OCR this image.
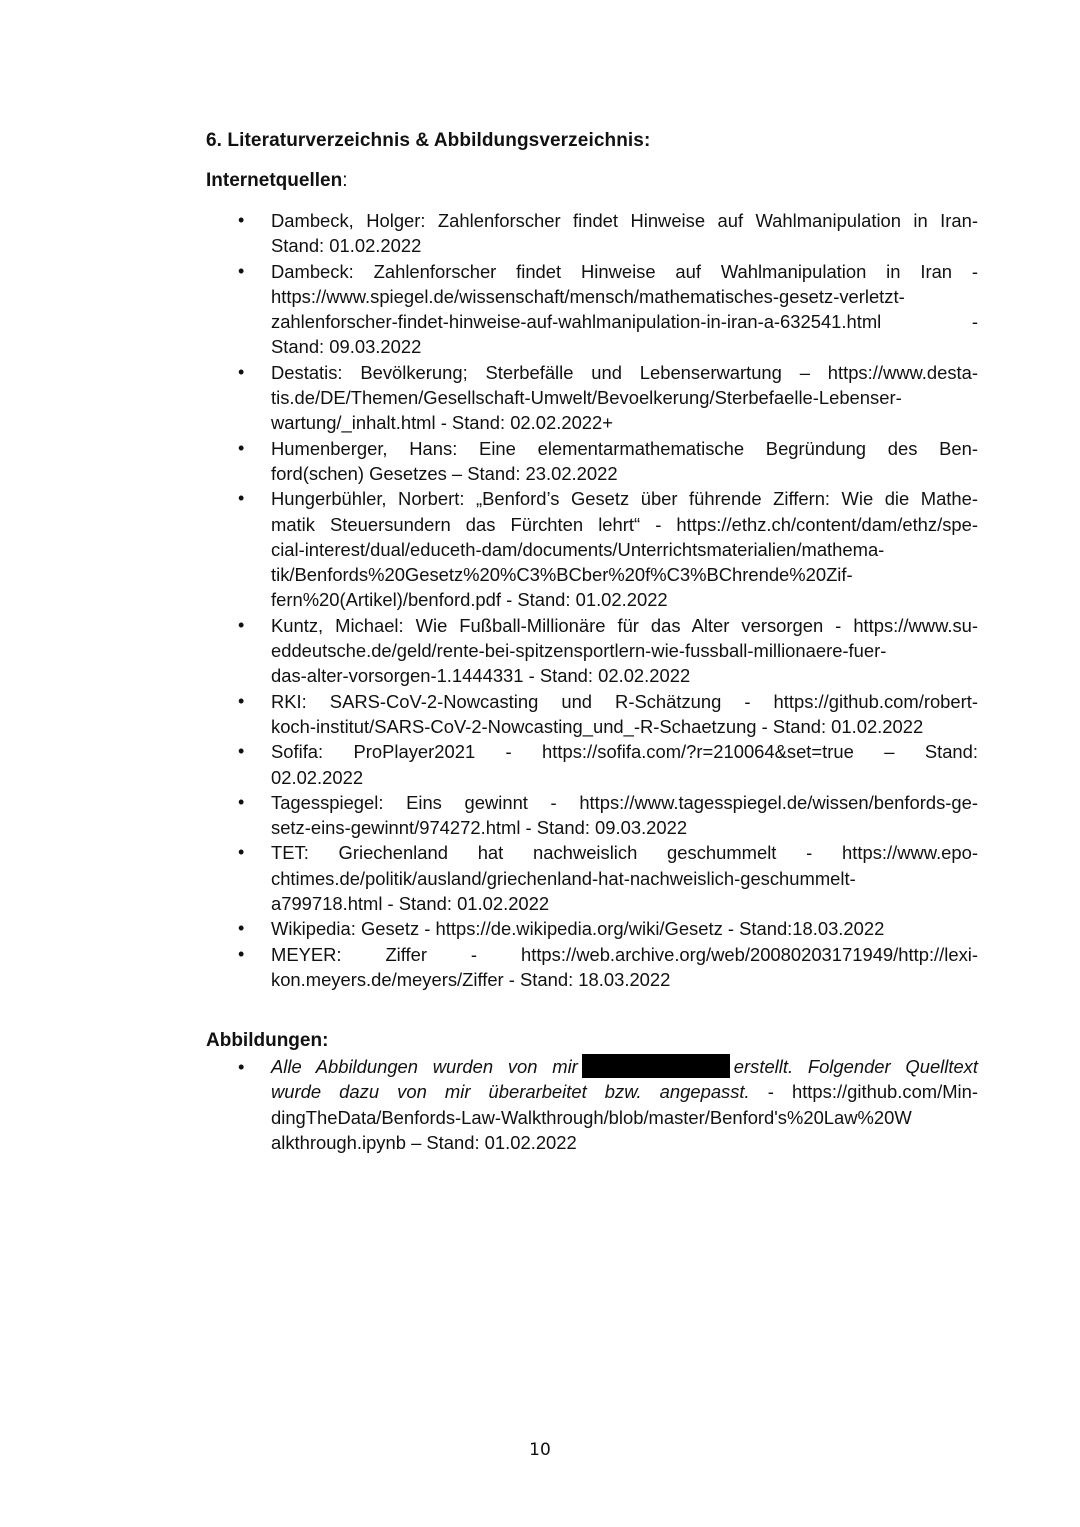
6. Literaturverzeichnis & Abbildungsverzeichnis:
Internetquellen:
• Dambeck, Holger: Zahlenforscher findet Hinweise auf Wahlmanipulation in Iran-
Stand: 01.02.2022
• Dambeck: Zahlenforscher findet Hinweise auf Wahlmanipulation in Iran -
https://www.spiegel.de/wissenschaft/mensch/mathematisches-gesetz-verletzt-
zahlenforscher-findet-hinweise-auf-wahlmanipulation-in-iran-a-632541.html -
Stand: 09.03.2022
• Destatis: Bevölkerung; Sterbefälle und Lebenserwartung – https://www.desta-
tis.de/DE/Themen/Gesellschaft-Umwelt/Bevoelkerung/Sterbefaelle-Lebenser-
wartung/_inhalt.html - Stand: 02.02.2022+
• Humenberger, Hans: Eine elementarmathematische Begründung des Ben-
ford(schen) Gesetzes – Stand: 23.02.2022
• Hungerbühler, Norbert: „Benford’s Gesetz über führende Ziffern: Wie die Mathe-
matik Steuersundern das Fürchten lehrt“ - https://ethz.ch/content/dam/ethz/spe-
cial-interest/dual/educeth-dam/documents/Unterrichtsmaterialien/mathema-
tik/Benfords%20Gesetz%20%C3%BCber%20f%C3%BChrende%20Zif-
fern%20(Artikel)/benford.pdf - Stand: 01.02.2022
• Kuntz, Michael: Wie Fußball-Millionäre für das Alter versorgen - https://www.su-
eddeutsche.de/geld/rente-bei-spitzensportlern-wie-fussball-millionaere-fuer-
das-alter-vorsorgen-1.1444331 - Stand: 02.02.2022
• RKI: SARS-CoV-2-Nowcasting und R-Schätzung - https://github.com/robert-
koch-institut/SARS-CoV-2-Nowcasting_und_-R-Schaetzung - Stand: 01.02.2022
• Sofifa: ProPlayer2021 - https://sofifa.com/?r=210064&set=true – Stand:
02.02.2022
• Tagesspiegel: Eins gewinnt - https://www.tagesspiegel.de/wissen/benfords-ge-
setz-eins-gewinnt/974272.html - Stand: 09.03.2022
• TET: Griechenland hat nachweislich geschummelt - https://www.epo-
chtimes.de/politik/ausland/griechenland-hat-nachweislich-geschummelt-
a799718.html - Stand: 01.02.2022
• Wikipedia: Gesetz - https://de.wikipedia.org/wiki/Gesetz - Stand:18.03.2022
• MEYER: Ziffer - https://web.archive.org/web/20080203171949/http://lexi-
kon.meyers.de/meyers/Ziffer - Stand: 18.03.2022
Abbildungen:
• Alle Abbildungen wurden von mir	erstellt. Folgender Quelltext
wurde dazu von mir überarbeitet bzw. angepasst. - https://github.com/Min-
dingTheData/Benfords-Law-Walkthrough/blob/master/Benford's%20Law%20W
alkthrough.ipynb – Stand: 01.02.2022
10
